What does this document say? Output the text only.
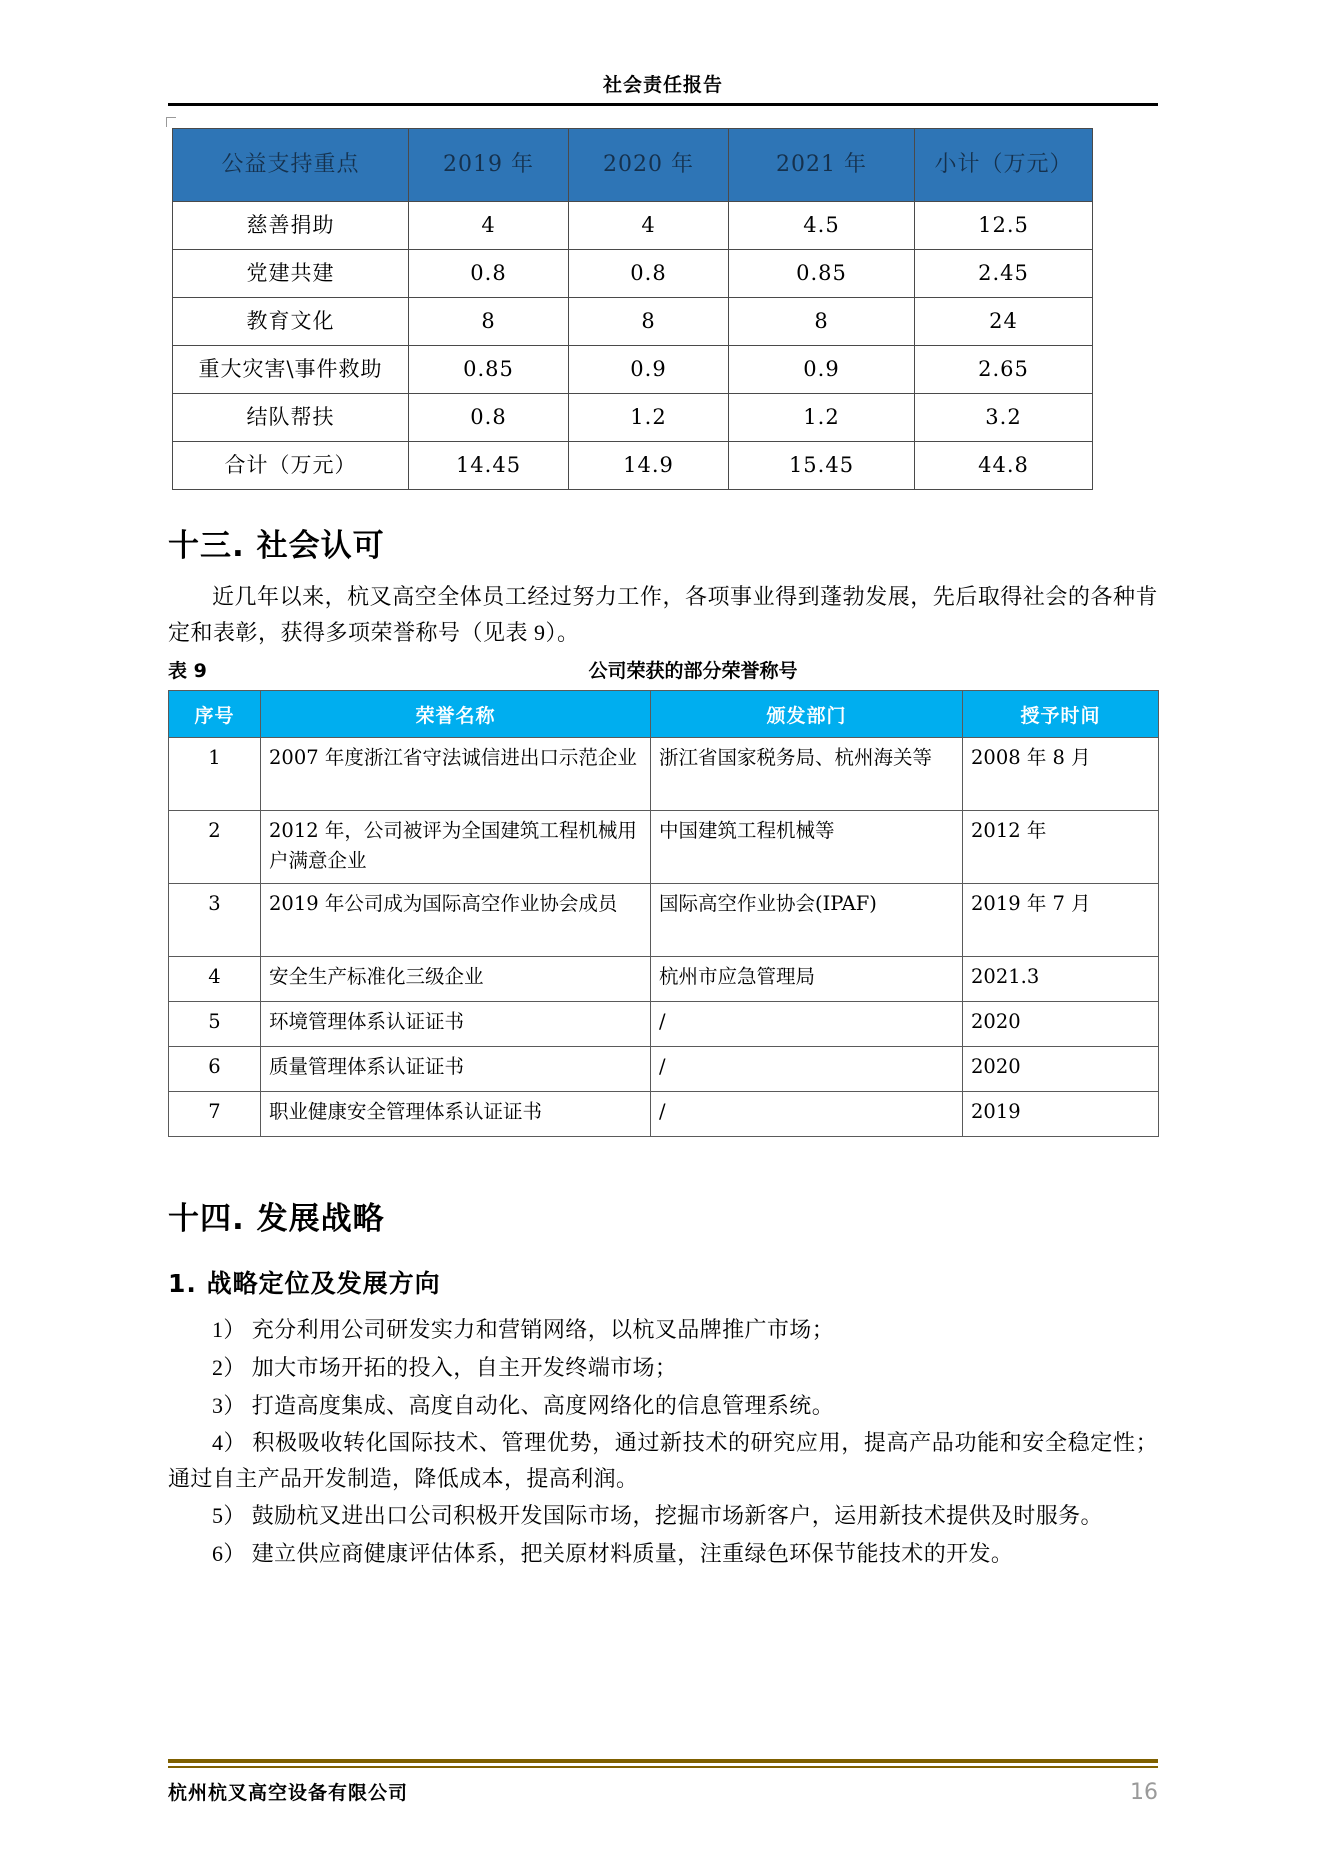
社会责任报告
公益支持重点	2019 年	2020 年	2021 年	小计（万元）
慈善捐助	4	4	4.5	12.5
党建共建	0.8	0.8	0.85	2.45
教育文化	8	8	8	24
重大灾害\事件救助	0.85	0.9	0.9	2.65
结队帮扶	0.8	1.2	1.2	3.2
合计（万元）	14.45	14.9	15.45	44.8
十三. 社会认可

近几年以来，杭叉高空全体员工经过努力工作，各项事业得到蓬勃发展，先后取得社会的各种肯定和表彰，获得多项荣誉称号（见表 9）。

表 9	公司荣获的部分荣誉称号
序号	荣誉名称	颁发部门	授予时间
1	2007 年度浙江省守法诚信进出口示范企业	浙江省国家税务局、杭州海关等	2008 年 8 月
2	2012 年，公司被评为全国建筑工程机械用户满意企业	中国建筑工程机械等	2012 年
3	2019 年公司成为国际高空作业协会成员	国际高空作业协会(IPAF)	2019 年 7 月
4	安全生产标准化三级企业	杭州市应急管理局	2021.3
5	环境管理体系认证证书	/	2020
6	质量管理体系认证证书	/	2020
7	职业健康安全管理体系认证证书	/	2019
十四. 发展战略
1. 战略定位及发展方向
1） 充分利用公司研发实力和营销网络，以杭叉品牌推广市场；
2） 加大市场开拓的投入，自主开发终端市场；
3） 打造高度集成、高度自动化、高度网络化的信息管理系统。
4） 积极吸收转化国际技术、管理优势，通过新技术的研究应用，提高产品功能和安全稳定性；通过自主产品开发制造，降低成本，提高利润。
5） 鼓励杭叉进出口公司积极开发国际市场，挖掘市场新客户，运用新技术提供及时服务。
6） 建立供应商健康评估体系，把关原材料质量，注重绿色环保节能技术的开发。
杭州杭叉高空设备有限公司	16
